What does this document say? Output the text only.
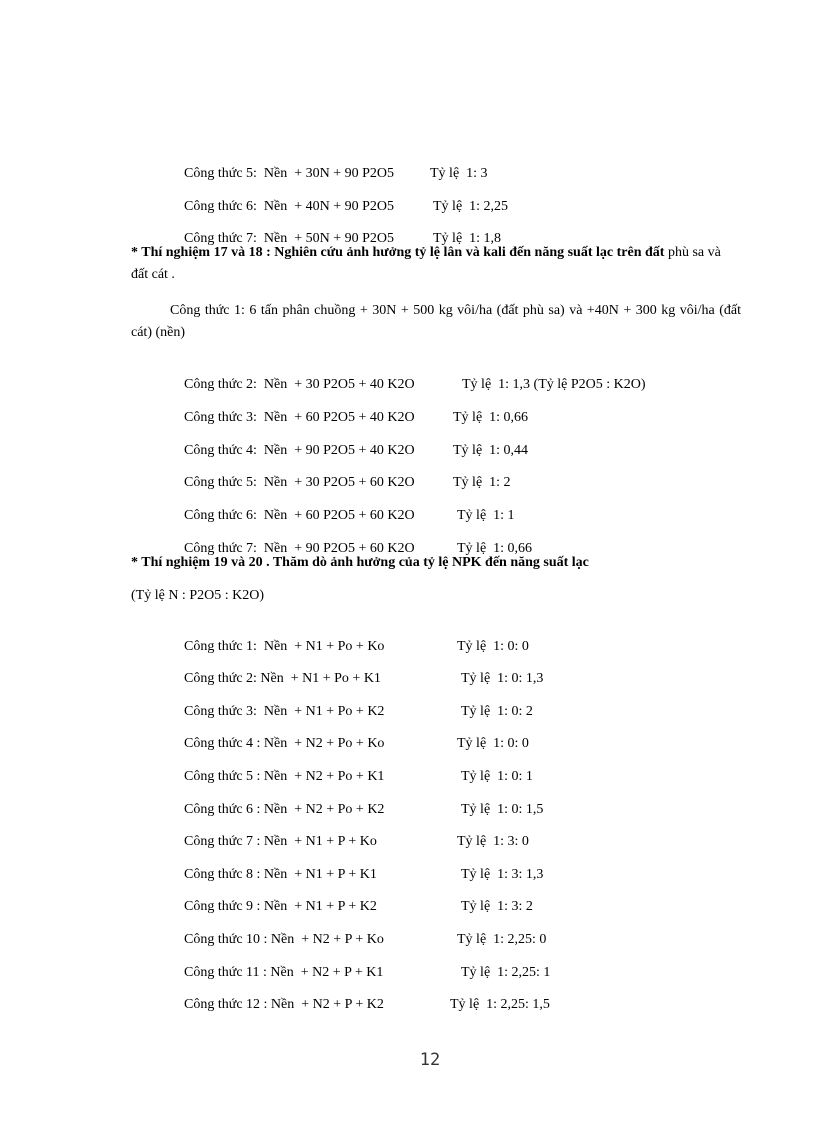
Công thức 5:  Nền  + 30N + 90 P2O5	Tỷ lệ  1: 3

Công thức 6:  Nền  + 40N + 90 P2O5	Tỷ lệ  1: 2,25

Công thức 7:  Nền  + 50N + 90 P2O5	Tỷ lệ  1: 1,8

* Thí nghiệm 17 và 18 : Nghiên cứu ảnh hưởng tỷ lệ lân và kali đến năng suất lạc trên đất phù sa và đất cát .
Công thức 1: 6 tấn phân chuồng + 30N + 500 kg vôi/ha (đất phù sa) và +40N + 300 kg vôi/ha (đất cát) (nền)

Công thức 2:  Nền  + 30 P2O5 + 40 K2O	Tỷ lệ  1: 1,3 (Tỷ lệ P2O5 : K2O)

Công thức 3:  Nền  + 60 P2O5 + 40 K2O	Tỷ lệ  1: 0,66

Công thức 4:  Nền  + 90 P2O5 + 40 K2O	Tỷ lệ  1: 0,44

Công thức 5:  Nền  + 30 P2O5 + 60 K2O	Tỷ lệ  1: 2

Công thức 6:  Nền  + 60 P2O5 + 60 K2O	Tỷ lệ  1: 1

Công thức 7:  Nền  + 90 P2O5 + 60 K2O	Tỷ lệ  1: 0,66

* Thí nghiệm 19 và 20 . Thăm dò ảnh hưởng của tỷ lệ NPK đến năng suất lạc
(Tỷ lệ N : P2O5 : K2O)

Công thức 1:  Nền  + N1 + Po + Ko	Tỷ lệ  1: 0: 0

Công thức 2: Nền  + N1 + Po + K1	Tỷ lệ  1: 0: 1,3

Công thức 3:  Nền  + N1 + Po + K2	Tỷ lệ  1: 0: 2

Công thức 4 : Nền  + N2 + Po + Ko	Tỷ lệ  1: 0: 0

Công thức 5 : Nền  + N2 + Po + K1	Tỷ lệ  1: 0: 1

Công thức 6 : Nền  + N2 + Po + K2	Tỷ lệ  1: 0: 1,5

Công thức 7 : Nền  + N1 + P + Ko	Tỷ lệ  1: 3: 0

Công thức 8 : Nền  + N1 + P + K1	Tỷ lệ  1: 3: 1,3

Công thức 9 : Nền  + N1 + P + K2	Tỷ lệ  1: 3: 2

Công thức 10 : Nền  + N2 + P + Ko	Tỷ lệ  1: 2,25: 0

Công thức 11 : Nền  + N2 + P + K1	Tỷ lệ  1: 2,25: 1

Công thức 12 : Nền  + N2 + P + K2	Tỷ lệ  1: 2,25: 1,5

12
